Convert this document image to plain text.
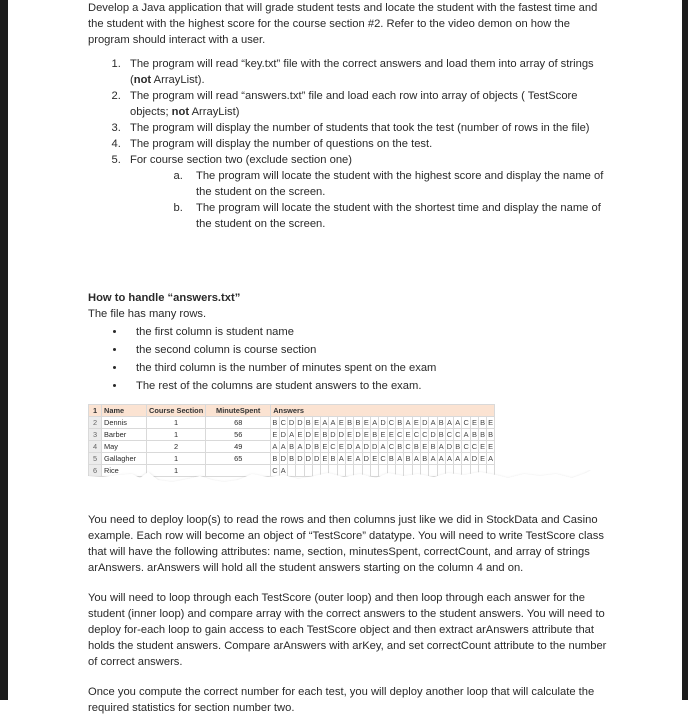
Develop a Java application that will grade student tests and locate the student with the fastest time and the student with the highest score for the course section #2. Refer to the video demon on how the program should interact with a user.

1. The program will read “key.txt” file with the correct answers and load them into array of strings (not ArrayList).
2. The program will read “answers.txt” file and load each row into array of objects ( TestScore objects; not ArrayList)
3. The program will display the number of students that took the test (number of rows in the file)
4. The program will display the number of questions on the test.
5. For course section two (exclude section one)
a. The program will locate the student with the highest score and display the name of the student on the screen.
b. The program will locate the student with the shortest time and display the name of the student on the screen.

How to handle “answers.txt”

The file has many rows.

• the first column is student name
• the second column is course section
• the third column is the number of minutes spent on the exam
• The rest of the columns are student answers to the exam.
1	Name	Course Section	MinuteSpent	Answers																										
2	Dennis	1	68	B	C	D	D	B	E	A	A	E	B	B	E	A	D	C	B	A	E	D	A	B	A	A	C	E	B	E
3	Barber	1	56	E	D	A	E	D	E	B	D	D	E	D	E	B	E	E	C	E	C	C	D	B	C	C	A	B	B	B
4	May	2	49	A	A	B	A	D	B	E	C	E	D	A	D	D	A	C	B	C	B	E	B	A	D	B	C	C	E	E
5	Gallagher	1	65	B	D	B	D	D	D	E	B	A	E	A	D	E	C	B	A	B	A	B	A	A	A	A	A	D	E	A
6	Rice	1		C	A																									

You need to deploy loop(s) to read the rows and then columns just like we did in StockData and Casino example. Each row will become an object of “TestScore” datatype. You will need to write TestScore class that will have the following attributes: name, section, minutesSpent, correctCount, and array of strings arAnswers. arAnswers will hold all the student answers starting on the column 4 and on.

You will need to loop through each TestScore (outer loop) and then loop through each answer for the student (inner loop) and compare array with the correct answers to the student answers. You will need to deploy for-each loop to gain access to each TestScore object and then extract arAnswers attribute that holds the student answers. Compare arAnswers with arKey, and set correctCount attribute to the number of correct answers.

Once you compute the correct number for each test, you will deploy another loop that will calculate the required statistics for section number two.
